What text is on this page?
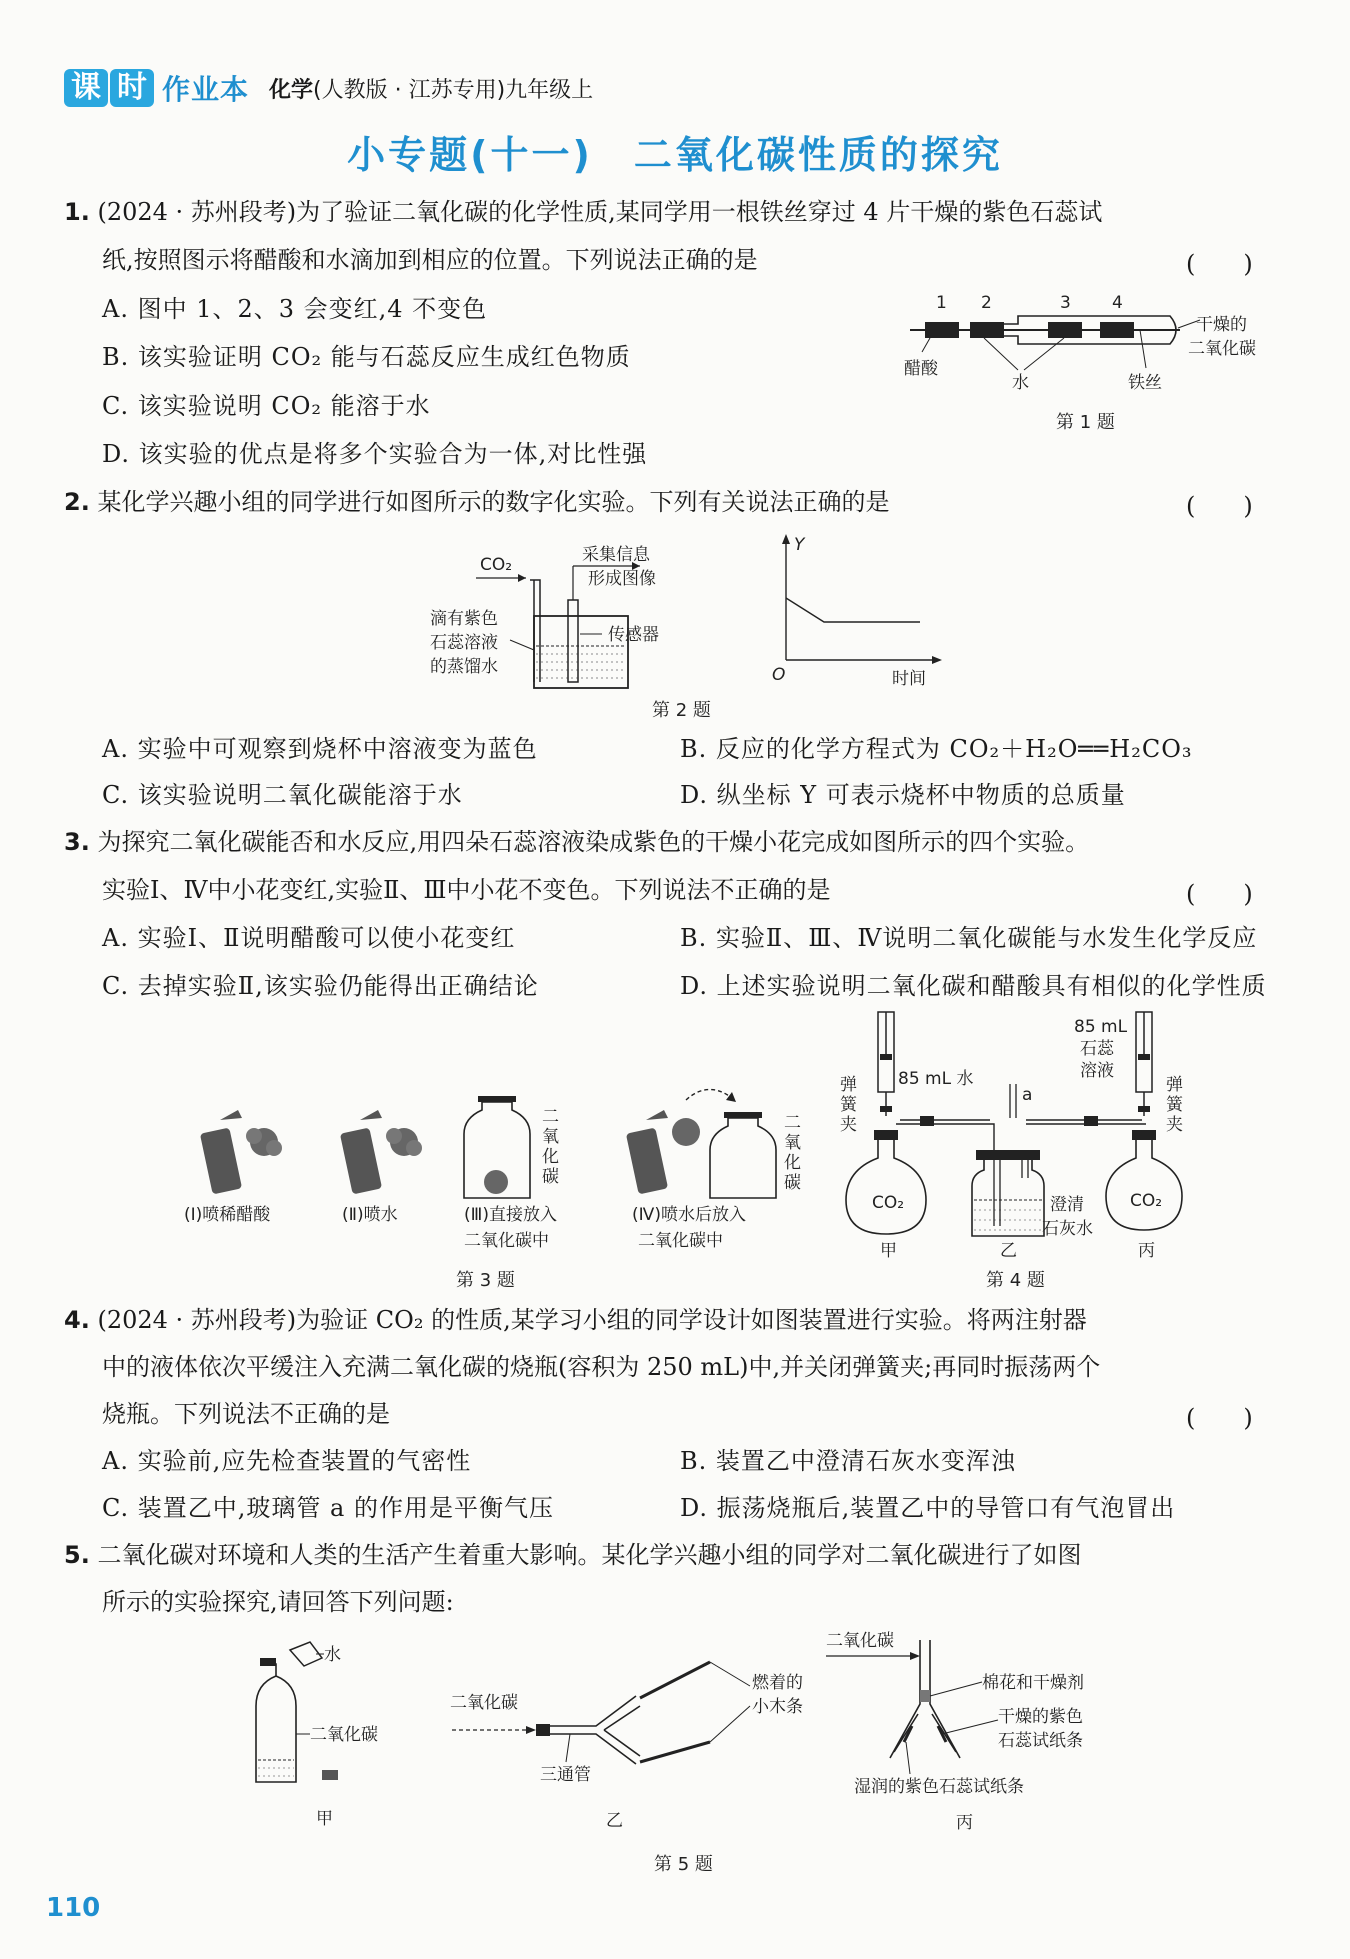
课 时 作业本 化学(人教版 · 江苏专用)九年级上
小专题(十一)　二氧化碳性质的探究
1. (2024 · 苏州段考)为了验证二氧化碳的化学性质,某同学用一根铁丝穿过 4 片干燥的紫色石蕊试
纸,按照图示将醋酸和水滴加到相应的位置。下列说法正确的是	(　　)
A. 图中 1、2、3 会变红,4 不变色
B. 该实验证明 CO₂ 能与石蕊反应生成红色物质
C. 该实验说明 CO₂ 能溶于水
D. 该实验的优点是将多个实验合为一体,对比性强
1 2	3 4
醋酸
水	铁丝
干燥的
二氧化碳
第 1 题
2. 某化学兴趣小组的同学进行如图所示的数字化实验。下列有关说法正确的是	(　　)
CO₂	采集信息
形成图像
传感器
滴有紫色
石蕊溶液
的蒸馏水
Y
O	时间
第 2 题
A. 实验中可观察到烧杯中溶液变为蓝色	B. 反应的化学方程式为 CO₂＋H₂O══H₂CO₃
C. 该实验说明二氧化碳能溶于水	D. 纵坐标 Y 可表示烧杯中物质的总质量
3. 为探究二氧化碳能否和水反应,用四朵石蕊溶液染成紫色的干燥小花完成如图所示的四个实验。
实验Ⅰ、Ⅳ中小花变红,实验Ⅱ、Ⅲ中小花不变色。下列说法不正确的是	(　　)
A. 实验Ⅰ、Ⅱ说明醋酸可以使小花变红	B. 实验Ⅱ、Ⅲ、Ⅳ说明二氧化碳能与水发生化学反应
C. 去掉实验Ⅱ,该实验仍能得出正确结论	D. 上述实验说明二氧化碳和醋酸具有相似的化学性质
(Ⅰ)喷稀醋酸	(Ⅱ)喷水
二
氧
化
碳
(Ⅲ)直接放入
二氧化碳中
二
氧
化
碳
(Ⅳ)喷水后放入
二氧化碳中
第 3 题
85 mL 水
弹
簧
夹
CO₂
甲
a
澄清
石灰水
乙
85 mL
石蕊
溶液
弹
簧
夹
CO₂
丙
第 4 题
4. (2024 · 苏州段考)为验证 CO₂ 的性质,某学习小组的同学设计如图装置进行实验。将两注射器
中的液体依次平缓注入充满二氧化碳的烧瓶(容积为 250 mL)中,并关闭弹簧夹;再同时振荡两个
烧瓶。下列说法不正确的是	(　　)
A. 实验前,应先检查装置的气密性	B. 装置乙中澄清石灰水变浑浊
C. 装置乙中,玻璃管 a 的作用是平衡气压	D. 振荡烧瓶后,装置乙中的导管口有气泡冒出
5. 二氧化碳对环境和人类的生活产生着重大影响。某化学兴趣小组的同学对二氧化碳进行了如图
所示的实验探究,请回答下列问题:
水
二氧化碳
甲
二氧化碳
燃着的
小木条
三通管
乙
二氧化碳
棉花和干燥剂
干燥的紫色
石蕊试纸条
湿润的紫色石蕊试纸条
丙
第 5 题
110
